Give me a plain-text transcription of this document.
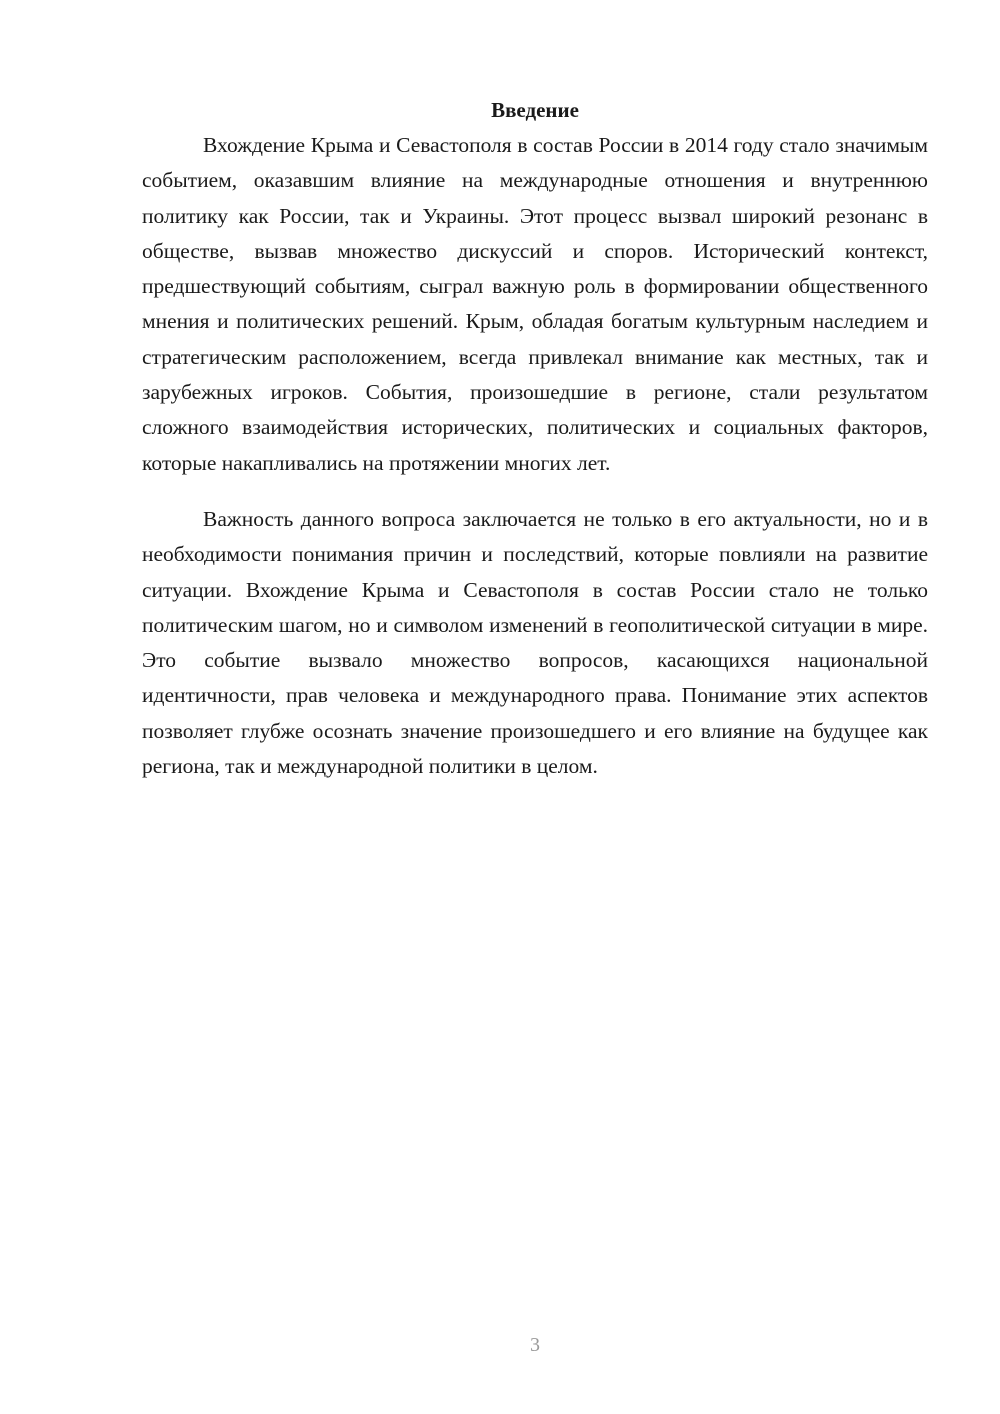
Введение

Вхождение Крыма и Севастополя в состав России в 2014 году стало значимым событием, оказавшим влияние на международные отношения и внутреннюю политику как России, так и Украины. Этот процесс вызвал широкий резонанс в обществе, вызвав множество дискуссий и споров. Исторический контекст, предшествующий событиям, сыграл важную роль в формировании общественного мнения и политических решений. Крым, обладая богатым культурным наследием и стратегическим расположением, всегда привлекал внимание как местных, так и зарубежных игроков. События, произошедшие в регионе, стали результатом сложного взаимодействия исторических, политических и социальных факторов, которые накапливались на протяжении многих лет.

Важность данного вопроса заключается не только в его актуальности, но и в необходимости понимания причин и последствий, которые повлияли на развитие ситуации. Вхождение Крыма и Севастополя в состав России стало не только политическим шагом, но и символом изменений в геополитической ситуации в мире. Это событие вызвало множество вопросов, касающихся национальной идентичности, прав человека и международного права. Понимание этих аспектов позволяет глубже осознать значение произошедшего и его влияние на будущее как региона, так и международной политики в целом.

3
